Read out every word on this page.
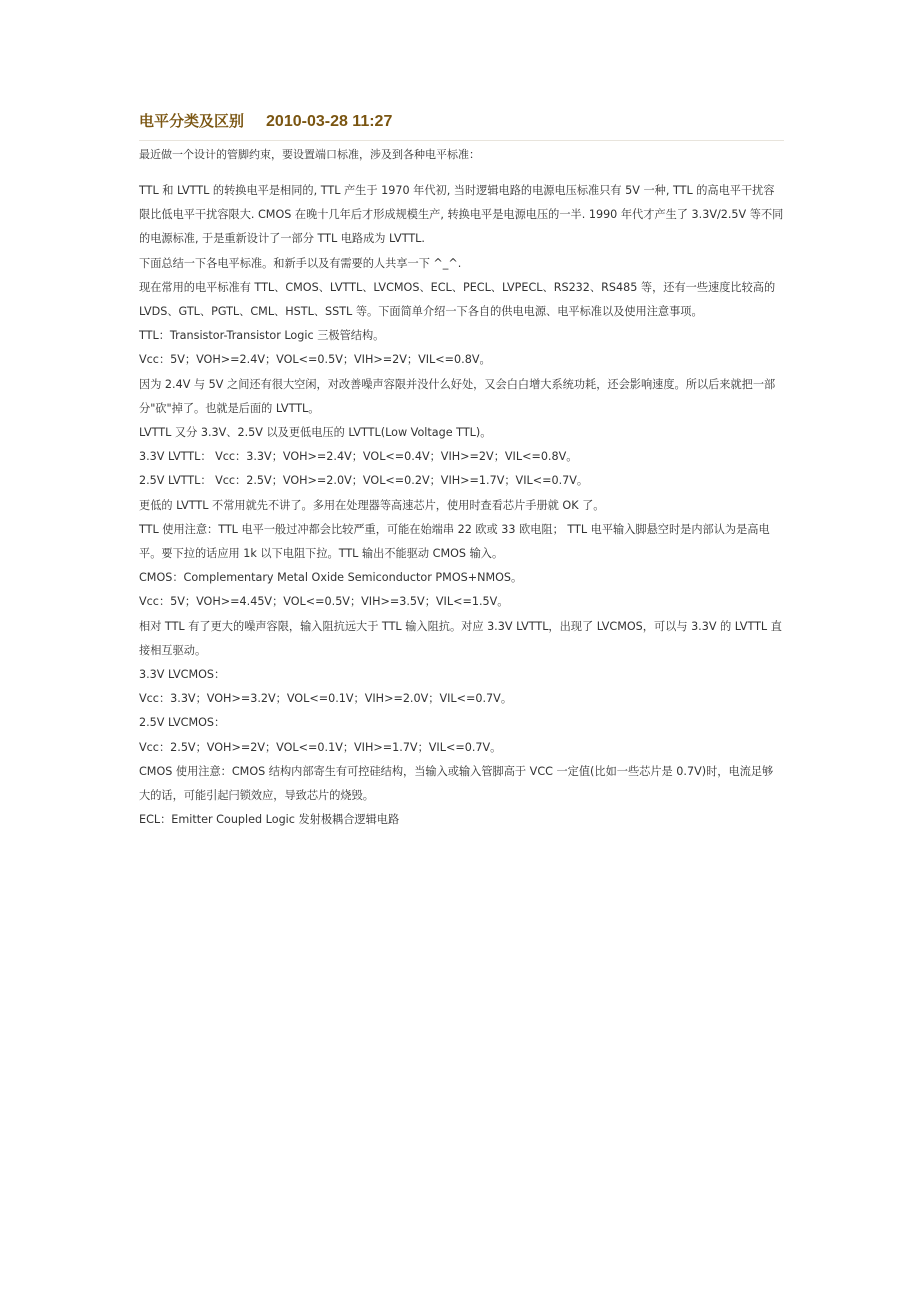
电平分类及区别 2010-03-28 11:27
最近做一个设计的管脚约束，要设置端口标准，涉及到各种电平标准：

TTL 和 LVTTL 的转换电平是相同的, TTL 产生于 1970 年代初, 当时逻辑电路的电源电压标准只有 5V 一种, TTL 的高电平干扰容限比低电平干扰容限大. CMOS 在晚十几年后才形成规模生产, 转换电平是电源电压的一半. 1990 年代才产生了 3.3V/2.5V 等不同的电源标准, 于是重新设计了一部分 TTL 电路成为 LVTTL.

下面总结一下各电平标准。和新手以及有需要的人共享一下 ^_^.

现在常用的电平标准有 TTL、CMOS、LVTTL、LVCMOS、ECL、PECL、LVPECL、RS232、RS485 等，还有一些速度比较高的 LVDS、GTL、PGTL、CML、HSTL、SSTL 等。下面简单介绍一下各自的供电电源、电平标准以及使用注意事项。

TTL：Transistor-Transistor Logic 三极管结构。

Vcc：5V；VOH>=2.4V；VOL<=0.5V；VIH>=2V；VIL<=0.8V。

因为 2.4V 与 5V 之间还有很大空闲，对改善噪声容限并没什么好处，又会白白增大系统功耗，还会影响速度。所以后来就把一部分"砍"掉了。也就是后面的 LVTTL。

LVTTL 又分 3.3V、2.5V 以及更低电压的 LVTTL(Low Voltage TTL)。

3.3V LVTTL： Vcc：3.3V；VOH>=2.4V；VOL<=0.4V；VIH>=2V；VIL<=0.8V。

2.5V LVTTL： Vcc：2.5V；VOH>=2.0V；VOL<=0.2V；VIH>=1.7V；VIL<=0.7V。

更低的 LVTTL 不常用就先不讲了。多用在处理器等高速芯片，使用时查看芯片手册就 OK 了。

TTL 使用注意：TTL 电平一般过冲都会比较严重，可能在始端串 22 欧或 33 欧电阻； TTL 电平输入脚悬空时是内部认为是高电平。要下拉的话应用 1k 以下电阻下拉。TTL 输出不能驱动 CMOS 输入。

CMOS：Complementary Metal Oxide Semiconductor PMOS+NMOS。

Vcc：5V；VOH>=4.45V；VOL<=0.5V；VIH>=3.5V；VIL<=1.5V。

相对 TTL 有了更大的噪声容限，输入阻抗远大于 TTL 输入阻抗。对应 3.3V LVTTL，出现了 LVCMOS，可以与 3.3V 的 LVTTL 直接相互驱动。

3.3V LVCMOS：

Vcc：3.3V；VOH>=3.2V；VOL<=0.1V；VIH>=2.0V；VIL<=0.7V。

2.5V LVCMOS：

Vcc：2.5V；VOH>=2V；VOL<=0.1V；VIH>=1.7V；VIL<=0.7V。

CMOS 使用注意：CMOS 结构内部寄生有可控硅结构，当输入或输入管脚高于 VCC 一定值(比如一些芯片是 0.7V)时，电流足够大的话，可能引起闩锁效应，导致芯片的烧毁。

ECL：Emitter Coupled Logic 发射极耦合逻辑电路
